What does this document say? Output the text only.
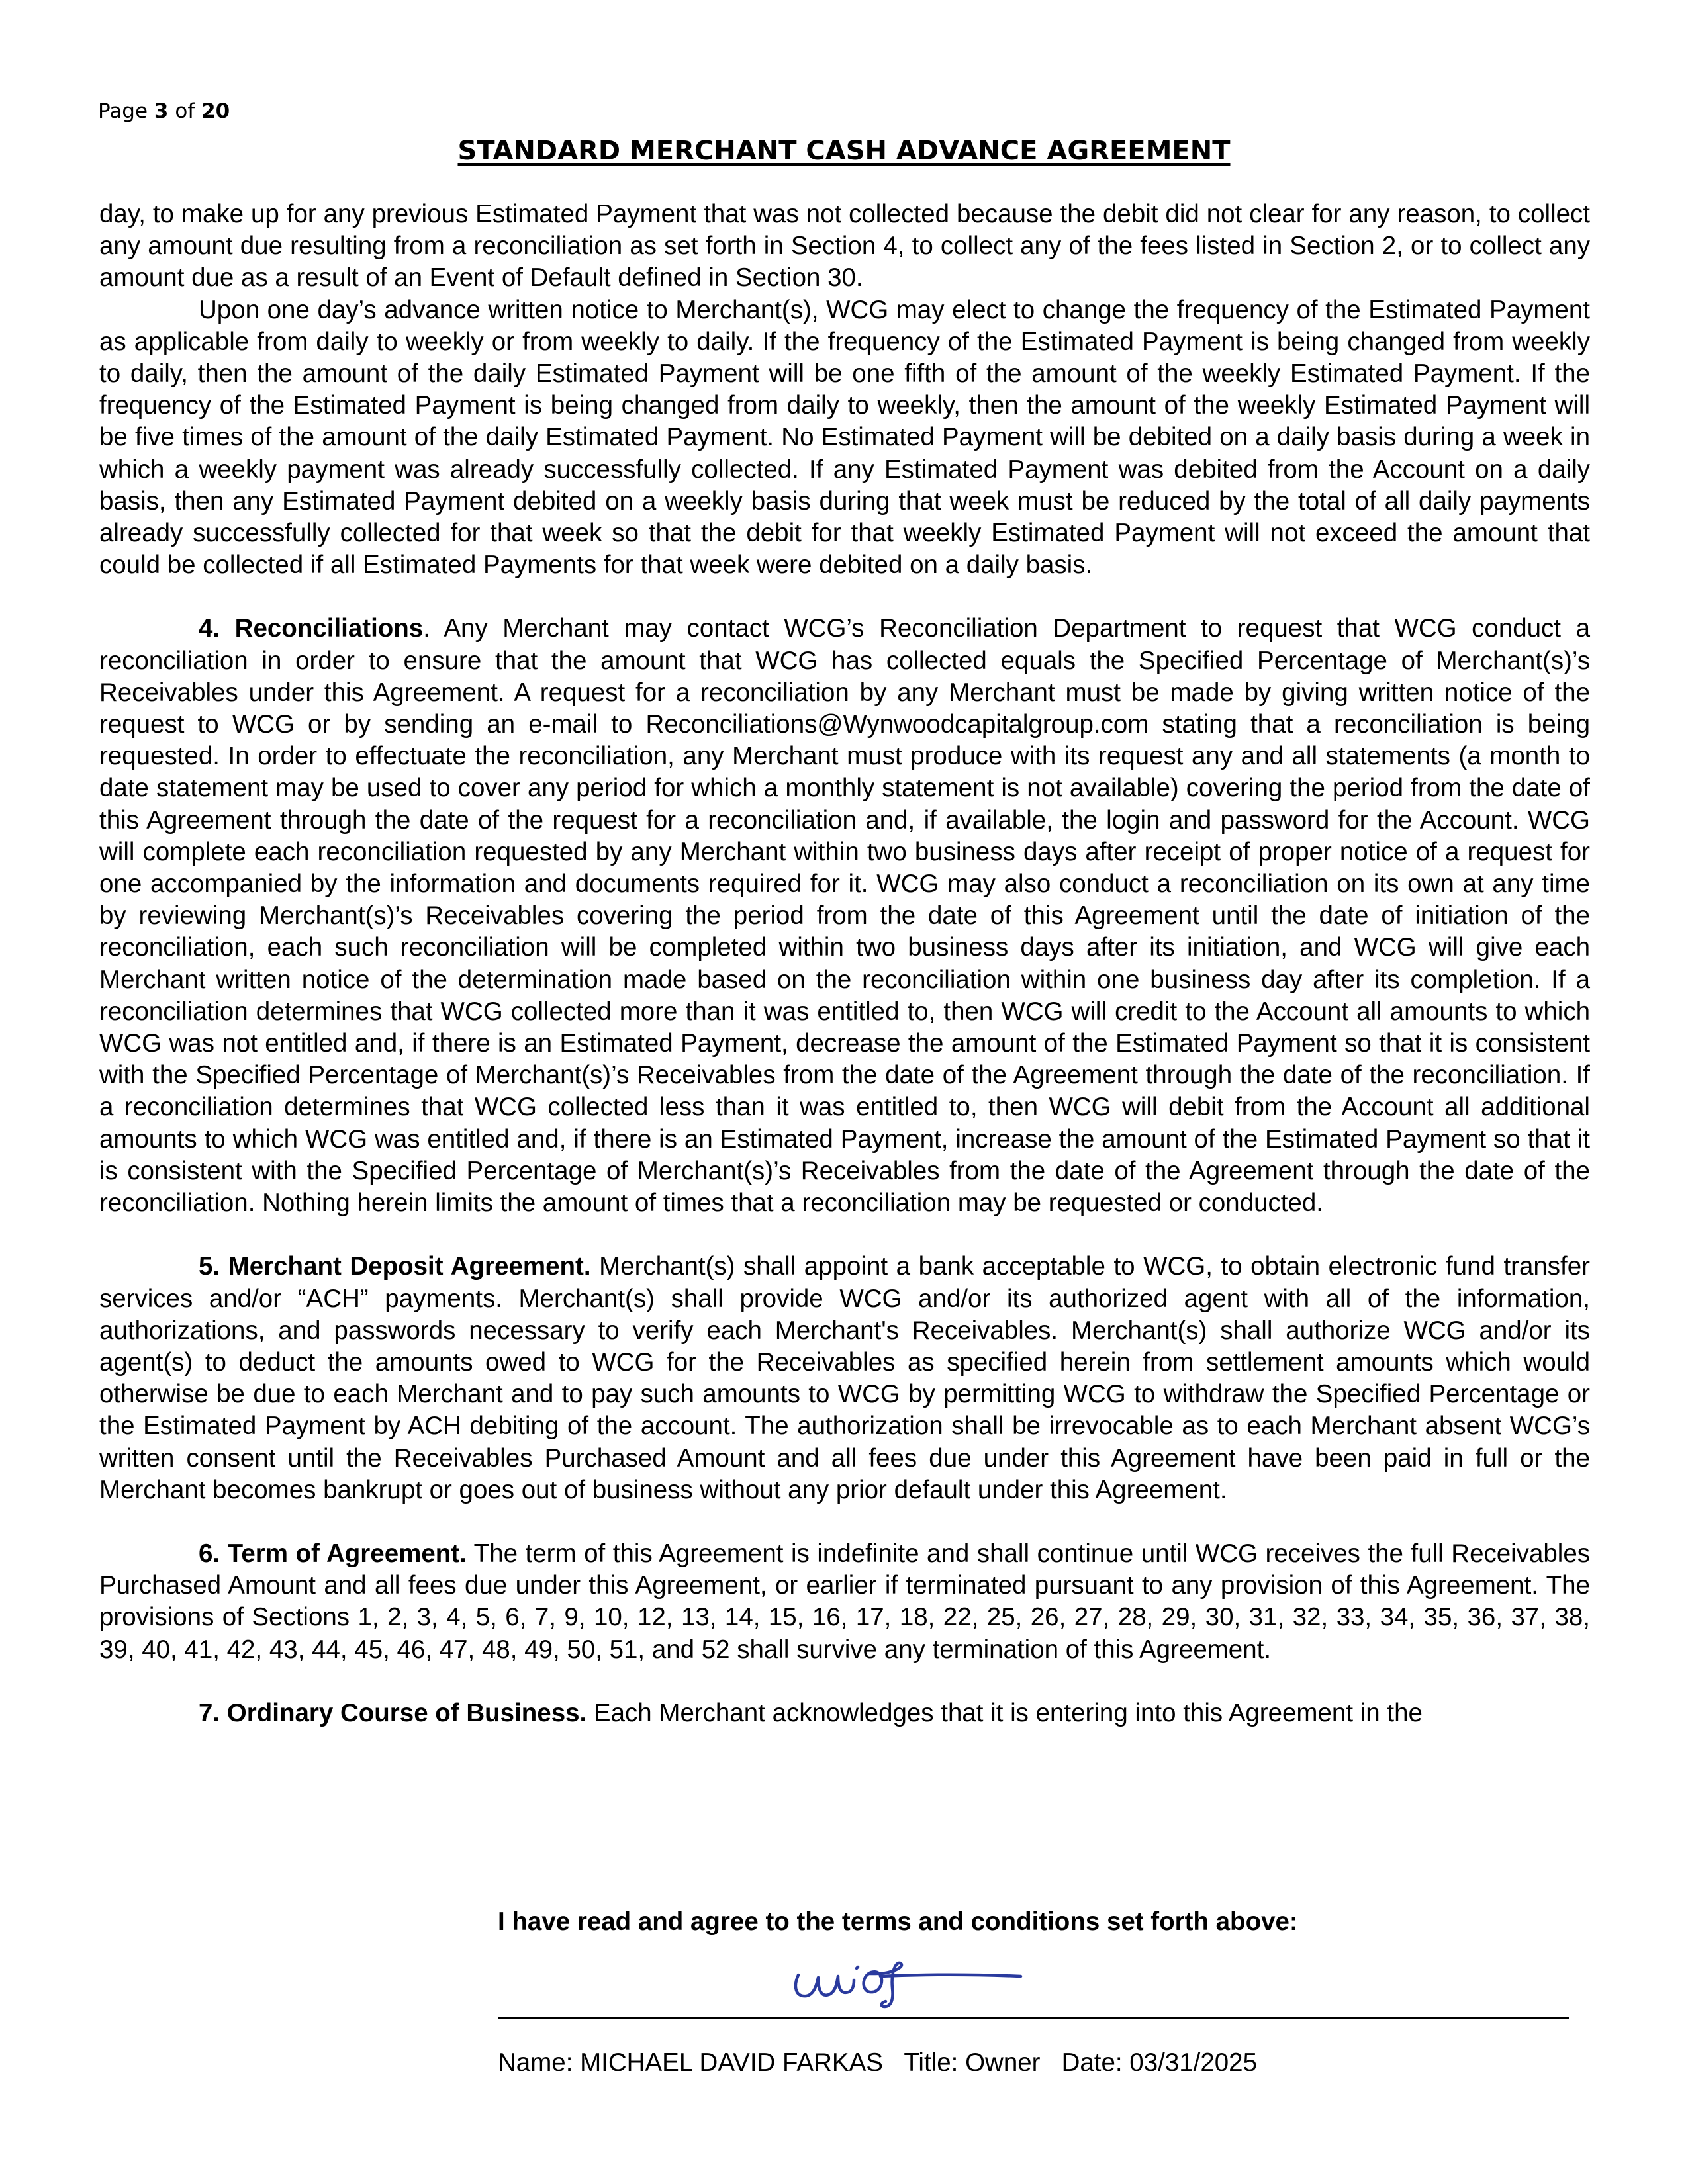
Page 3 of 20
STANDARD MERCHANT CASH ADVANCE AGREEMENT

day, to make up for any previous Estimated Payment that was not collected because the debit did not clear for any reason, to collect any amount due resulting from a reconciliation as set forth in Section 4, to collect any of the fees listed in Section 2, or to collect any amount due as a result of an Event of Default defined in Section 30.

Upon one day’s advance written notice to Merchant(s), WCG may elect to change the frequency of the Estimated Payment as applicable from daily to weekly or from weekly to daily. If the frequency of the Estimated Payment is being changed from weekly to daily, then the amount of the daily Estimated Payment will be one fifth of the amount of the weekly Estimated Payment. If the frequency of the Estimated Payment is being changed from daily to weekly, then the amount of the weekly Estimated Payment will be five times of the amount of the daily Estimated Payment. No Estimated Payment will be debited on a daily basis during a week in which a weekly payment was already successfully collected. If any Estimated Payment was debited from the Account on a daily basis, then any Estimated Payment debited on a weekly basis during that week must be reduced by the total of all daily payments already successfully collected for that week so that the debit for that weekly Estimated Payment will not exceed the amount that could be collected if all Estimated Payments for that week were debited on a daily basis.

4. Reconciliations. Any Merchant may contact WCG’s Reconciliation Department to request that WCG conduct a reconciliation in order to ensure that the amount that WCG has collected equals the Specified Percentage of Merchant(s)’s Receivables under this Agreement. A request for a reconciliation by any Merchant must be made by giving written notice of the request to WCG or by sending an e-mail to Reconciliations@Wynwoodcapitalgroup.com stating that a reconciliation is being requested. In order to effectuate the reconciliation, any Merchant must produce with its request any and all statements (a month to date statement may be used to cover any period for which a monthly statement is not available) covering the period from the date of this Agreement through the date of the request for a reconciliation and, if available, the login and password for the Account. WCG will complete each reconciliation requested by any Merchant within two business days after receipt of proper notice of a request for one accompanied by the information and documents required for it. WCG may also conduct a reconciliation on its own at any time by reviewing Merchant(s)’s Receivables covering the period from the date of this Agreement until the date of initiation of the reconciliation, each such reconciliation will be completed within two business days after its initiation, and WCG will give each Merchant written notice of the determination made based on the reconciliation within one business day after its completion. If a reconciliation determines that WCG collected more than it was entitled to, then WCG will credit to the Account all amounts to which WCG was not entitled and, if there is an Estimated Payment, decrease the amount of the Estimated Payment so that it is consistent with the Specified Percentage of Merchant(s)’s Receivables from the date of the Agreement through the date of the reconciliation. If a reconciliation determines that WCG collected less than it was entitled to, then WCG will debit from the Account all additional amounts to which WCG was entitled and, if there is an Estimated Payment, increase the amount of the Estimated Payment so that it is consistent with the Specified Percentage of Merchant(s)’s Receivables from the date of the Agreement through the date of the reconciliation. Nothing herein limits the amount of times that a reconciliation may be requested or conducted.

5. Merchant Deposit Agreement. Merchant(s) shall appoint a bank acceptable to WCG, to obtain electronic fund transfer services and/or “ACH” payments. Merchant(s) shall provide WCG and/or its authorized agent with all of the information, authorizations, and passwords necessary to verify each Merchant's Receivables. Merchant(s) shall authorize WCG and/or its agent(s) to deduct the amounts owed to WCG for the Receivables as specified herein from settlement amounts which would otherwise be due to each Merchant and to pay such amounts to WCG by permitting WCG to withdraw the Specified Percentage or the Estimated Payment by ACH debiting of the account. The authorization shall be irrevocable as to each Merchant absent WCG’s written consent until the Receivables Purchased Amount and all fees due under this Agreement have been paid in full or the Merchant becomes bankrupt or goes out of business without any prior default under this Agreement.

6. Term of Agreement. The term of this Agreement is indefinite and shall continue until WCG receives the full Receivables Purchased Amount and all fees due under this Agreement, or earlier if terminated pursuant to any provision of this Agreement. The provisions of Sections 1, 2, 3, 4, 5, 6, 7, 9, 10, 12, 13, 14, 15, 16, 17, 18, 22, 25, 26, 27, 28, 29, 30, 31, 32, 33, 34, 35, 36, 37, 38, 39, 40, 41, 42, 43, 44, 45, 46, 47, 48, 49, 50, 51, and 52 shall survive any termination of this Agreement.

7. Ordinary Course of Business. Each Merchant acknowledges that it is entering into this Agreement in the

I have read and agree to the terms and conditions set forth above:
Name: MICHAEL DAVID FARKAS Title: Owner Date: 03/31/2025
